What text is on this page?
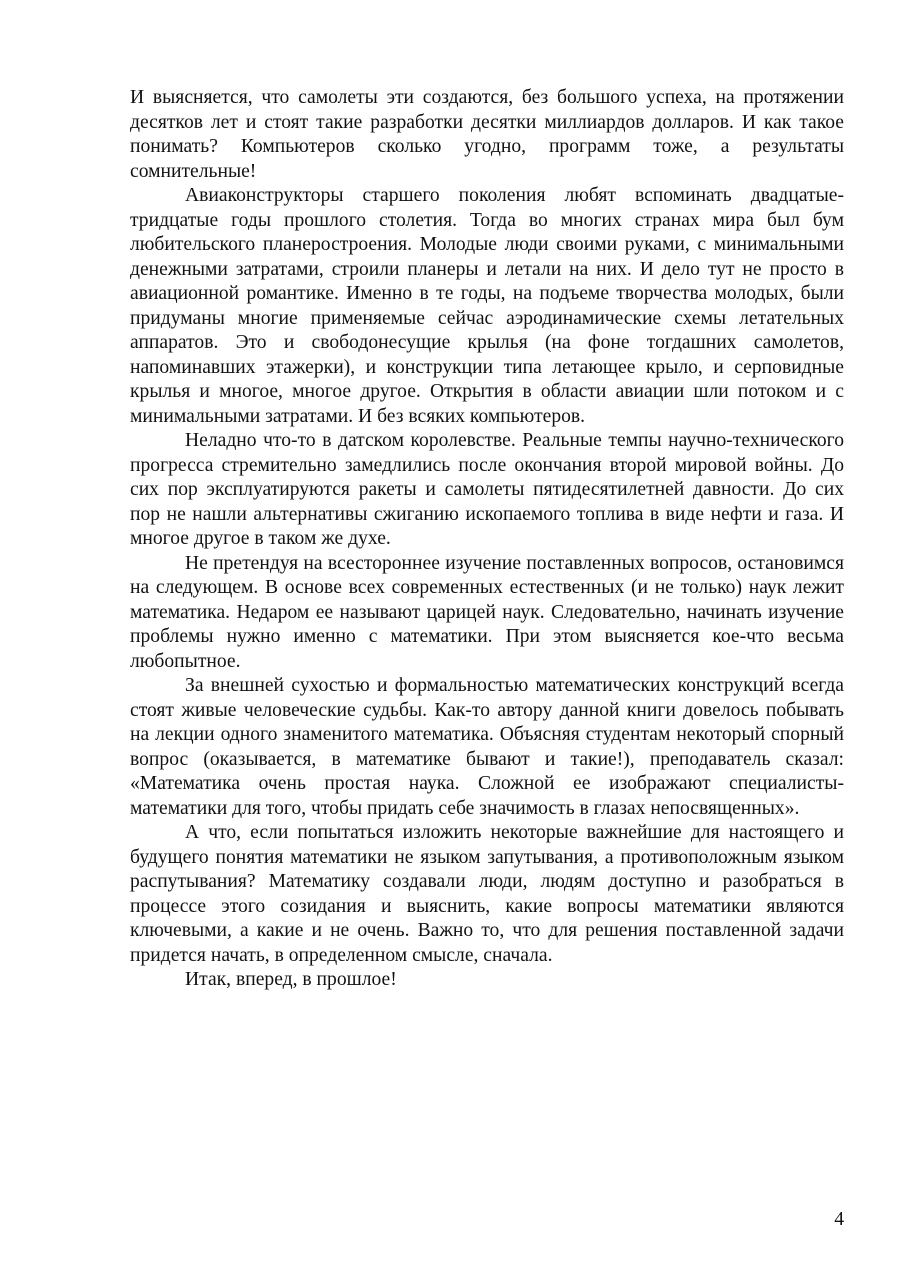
И выясняется, что самолеты эти создаются, без большого успеха, на протяжении десятков лет и стоят такие разработки десятки миллиардов долларов. И как такое понимать? Компьютеров сколько угодно, программ тоже, а результаты сомнительные!

Авиаконструкторы старшего поколения любят вспоминать двадцатые-тридцатые годы прошлого столетия. Тогда во многих странах мира был бум любительского планеростроения. Молодые люди своими руками, с минимальными денежными затратами, строили планеры и летали на них. И дело тут не просто в авиационной романтике. Именно в те годы, на подъеме творчества молодых, были придуманы многие применяемые сейчас аэродинамические схемы летательных аппаратов. Это и свободонесущие крылья (на фоне тогдашних самолетов, напоминавших этажерки), и конструкции типа летающее крыло, и серповидные крылья и многое, многое другое. Открытия в области авиации шли потоком и с минимальными затратами. И без всяких компьютеров.

Неладно что-то в датском королевстве. Реальные темпы научно-технического прогресса стремительно замедлились после окончания второй мировой войны. До сих пор эксплуатируются ракеты и самолеты пятидесятилетней давности. До сих пор не нашли альтернативы сжиганию ископаемого топлива в виде нефти и газа. И многое другое в таком же духе.

Не претендуя на всестороннее изучение поставленных вопросов, остановимся на следующем. В основе всех современных естественных (и не только) наук лежит математика. Недаром ее называют царицей наук. Следовательно, начинать изучение проблемы нужно именно с математики. При этом выясняется кое-что весьма любопытное.

За внешней сухостью и формальностью математических конструкций всегда стоят живые человеческие судьбы. Как-то автору данной книги довелось побывать на лекции одного знаменитого математика. Объясняя студентам некоторый спорный вопрос (оказывается, в математике бывают и такие!), преподаватель сказал: «Математика очень простая наука. Сложной ее изображают специалисты-математики для того, чтобы придать себе значимость в глазах непосвященных».

А что, если попытаться изложить некоторые важнейшие для настоящего и будущего понятия математики не языком запутывания, а противоположным языком распутывания? Математику создавали люди, людям доступно и разобраться в процессе этого созидания и выяснить, какие вопросы математики являются ключевыми, а какие и не очень. Важно то, что для решения поставленной задачи придется начать, в определенном смысле, сначала.

Итак, вперед, в прошлое!

4
